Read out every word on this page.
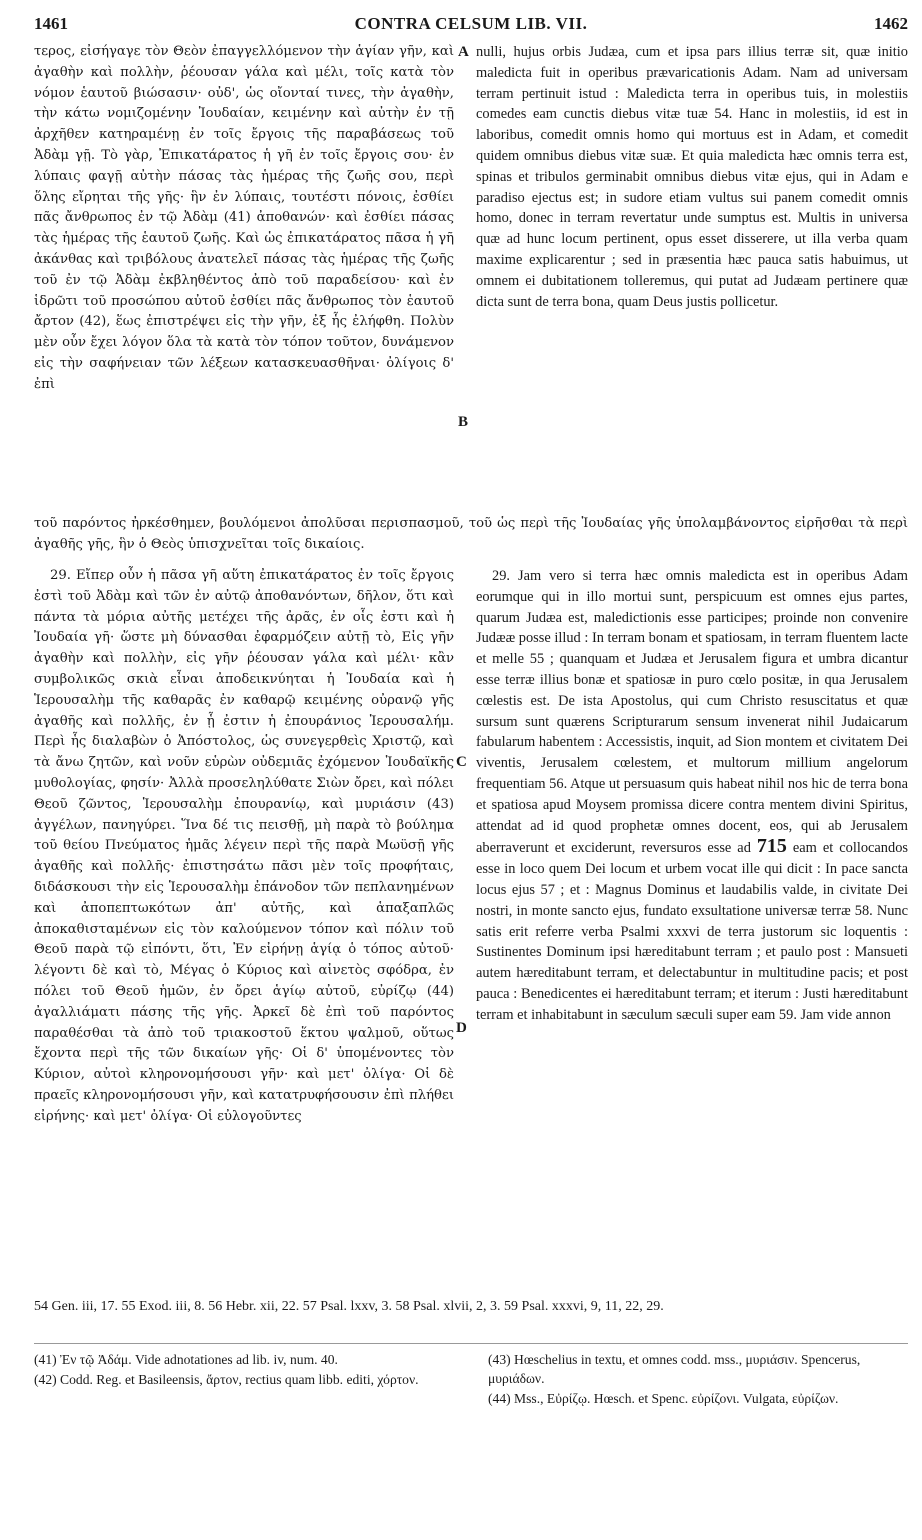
1461	CONTRA CELSUM LIB. VII.	1462

τερος, εἰσήγαγε τὸν Θεὸν ἐπαγγελλόμενον τὴν ἁγίαν γῆν, καὶ ἀγαθὴν καὶ πολλὴν, ῥέουσαν γάλα καὶ μέλι, τοῖς κατὰ τὸν νόμον ἑαυτοῦ βιώσασιν· οὐδ', ὡς οἴονταί τινες, τὴν ἀγαθὴν, τὴν κάτω νομιζομένην Ἰουδαίαν, κειμένην καὶ αὐτὴν ἐν τῇ ἀρχῆθεν κατηραμένῃ ἐν τοῖς ἔργοις τῆς παραβάσεως τοῦ Ἀδὰμ γῇ. Τὸ γὰρ, Ἐπικατάρατος ἡ γῆ ἐν τοῖς ἔργοις σου· ἐν λύπαις φαγῇ αὐτὴν πάσας τὰς ἡμέρας τῆς ζωῆς σου, περὶ ὅλης εἴρηται τῆς γῆς· ἣν ἐν λύπαις, τουτέστι πόνοις, ἐσθίει πᾶς ἄνθρωπος ἐν τῷ Ἀδὰμ (41) ἀποθανών· καὶ ἐσθίει πάσας τὰς ἡμέρας τῆς ἑαυτοῦ ζωῆς. Καὶ ὡς ἐπικατάρατος πᾶσα ἡ γῆ ἀκάνθας καὶ τριβόλους ἀνατελεῖ πάσας τὰς ἡμέρας τῆς ζωῆς τοῦ ἐν τῷ Ἀδὰμ ἐκβληθέντος ἀπὸ τοῦ παραδείσου· καὶ ἐν ἱδρῶτι τοῦ προσώπου αὐτοῦ ἐσθίει πᾶς ἄνθρωπος τὸν ἑαυτοῦ ἄρτον (42), ἕως ἐπιστρέψει εἰς τὴν γῆν, ἐξ ἧς ἐλήφθη. Πολὺν μὲν οὖν ἔχει λόγον ὅλα τὰ κατὰ τὸν τόπον τοῦτον, δυνάμενον εἰς τὴν σαφήνειαν τῶν λέξεων κατασκευασθῆναι· ὀλίγοις δ' ἐπὶ

A nulli, hujus orbis Judæa, cum et ipsa pars illius terræ sit, quæ initio maledicta fuit in operibus prævaricationis Adam. Nam ad universam terram pertinuit istud : Maledicta terra in operibus tuis, in molestiis comedes eam cunctis diebus vitæ tuæ 54. Hanc in molestiis, id est in laboribus, comedit omnis homo qui mortuus est in Adam, et comedit quidem omnibus diebus vitæ suæ. Et quia maledicta hæc omnis terra est, spinas et tribulos germinabit omnibus diebus vitæ ejus, qui in Adam e paradiso ejectus est; in sudore etiam vultus sui panem comedit omnis homo, donec in terram revertatur unde sumptus est. Multis in universa quæ ad hunc locum pertinent, opus esset disserere, ut illa verba quam maxime explicarentur ; sed in præsentia hæc pauca satis habuimus, ut omnem ei dubitationem tolleremus, qui putat ad Judæam pertinere quæ dicta sunt de terra bona, quam Deus justis pollicetur.

B

τοῦ παρόντος ἠρκέσθημεν, βουλόμενοι ἀπολῦσαι περισπασμοῦ, τοῦ ὡς περὶ τῆς Ἰουδαίας γῆς ὑπολαμβάνοντος εἰρῆσθαι τὰ περὶ ἀγαθῆς γῆς, ἣν ὁ Θεὸς ὑπισχνεῖται τοῖς δικαίοις.

29. Εἴπερ οὖν ἡ πᾶσα γῆ αὕτη ἐπικατάρατος ἐν τοῖς ἔργοις ἐστὶ τοῦ Ἀδὰμ καὶ τῶν ἐν αὐτῷ ἀποθανόντων, δῆλον, ὅτι καὶ πάντα τὰ μόρια αὐτῆς μετέχει τῆς ἀρᾶς, ἐν οἷς ἐστι καὶ ἡ Ἰουδαία γῆ· ὥστε μὴ δύνασθαι ἐφαρμόζειν αὐτῇ τὸ, Εἰς γῆν ἀγαθὴν καὶ πολλὴν, εἰς γῆν ῥέουσαν γάλα καὶ μέλι· κἂν συμβολικῶς σκιὰ εἶναι ἀποδεικνύηται ἡ Ἰουδαία καὶ ἡ Ἱερουσαλὴμ τῆς καθαρᾶς ἐν καθαρῷ κειμένης οὐρανῷ γῆς ἀγαθῆς καὶ πολλῆς, ἐν ᾗ ἐστιν ἡ ἐπουράνιος Ἱερουσαλήμ. Περὶ ἧς διαλαβὼν ὁ Ἀπόστολος, ὡς συνεγερθεὶς Χριστῷ, καὶ τὰ ἄνω ζητῶν, καὶ νοῦν εὑρὼν οὐδεμιᾶς ἐχόμενον Ἰουδαϊκῆς μυθολογίας, φησίν· Ἀλλὰ προσεληλύθατε Σιὼν ὄρει, καὶ πόλει Θεοῦ ζῶντος, Ἱερουσαλὴμ ἐπουρανίῳ, καὶ μυριάσιν (43) ἀγγέλων, πανηγύρει. Ἵνα δέ τις πεισθῇ, μὴ παρὰ τὸ βούλημα τοῦ θείου Πνεύματος ἡμᾶς λέγειν περὶ τῆς παρὰ Μωϋσῇ γῆς ἀγαθῆς καὶ πολλῆς· ἐπιστησάτω πᾶσι μὲν τοῖς προφήταις, διδάσκουσι τὴν εἰς Ἱερουσαλὴμ ἐπάνοδον τῶν πεπλανημένων καὶ ἀποπεπτωκότων ἀπ' αὐτῆς, καὶ ἁπαξαπλῶς ἀποκαθισταμένων εἰς τὸν καλούμενον τόπον καὶ πόλιν τοῦ Θεοῦ παρὰ τῷ εἰπόντι, ὅτι, Ἐν εἰρήνῃ ἁγίᾳ ὁ τόπος αὐτοῦ· λέγοντι δὲ καὶ τὸ, Μέγας ὁ Κύριος καὶ αἰνετὸς σφόδρα, ἐν πόλει τοῦ Θεοῦ ἡμῶν, ἐν ὄρει ἁγίῳ αὐτοῦ, εὐρίζῳ (44) ἀγαλλιάματι πάσης τῆς γῆς. Ἀρκεῖ δὲ ἐπὶ τοῦ παρόντος παραθέσθαι τὰ ἀπὸ τοῦ τριακοστοῦ ἕκτου ψαλμοῦ, οὕτως ἔχοντα περὶ τῆς τῶν δικαίων γῆς· Οἱ δ' ὑπομένοντες τὸν Κύριον, αὐτοὶ κληρονομήσουσι γῆν· καὶ μετ' ὀλίγα· Οἱ δὲ πραεῖς κληρονομήσουσι γῆν, καὶ κατατρυφήσουσιν ἐπὶ πλήθει εἰρήνης· καὶ μετ' ὀλίγα· Οἱ εὐλογοῦντες

C
D

29. Jam vero si terra hæc omnis maledicta est in operibus Adam eorumque qui in illo mortui sunt, perspicuum est omnes ejus partes, quarum Judæa est, maledictionis esse participes; proinde non convenire Judææ posse illud : In terram bonam et spatiosam, in terram fluentem lacte et melle 55 ; quanquam et Judæa et Jerusalem figura et umbra dicantur esse terræ illius bonæ et spatiosæ in puro cœlo positæ, in qua Jerusalem cœlestis est. De ista Apostolus, qui cum Christo resuscitatus et quæ sursum sunt quærens Scripturarum sensum invenerat nihil Judaicarum fabularum habentem : Accessistis, inquit, ad Sion montem et civitatem Dei viventis, Jerusalem cœlestem, et multorum millium angelorum frequentiam 56. Atque ut persuasum quis habeat nihil nos hic de terra bona et spatiosa apud Moysem promissa dicere contra mentem divini Spiritus, attendat ad id quod prophetæ omnes docent, eos, qui ab Jerusalem aberraverunt et exciderunt, reversuros esse ad 715 eam et collocandos esse in loco quem Dei locum et urbem vocat ille qui dicit : In pace sancta locus ejus 57 ; et : Magnus Dominus et laudabilis valde, in civitate Dei nostri, in monte sancto ejus, fundato exsultatione universæ terræ 58. Nunc satis erit referre verba Psalmi xxxvi de terra justorum sic loquentis : Sustinentes Dominum ipsi hæreditabunt terram ; et paulo post : Mansueti autem hæreditabunt terram, et delectabuntur in multitudine pacis; et post pauca : Benedicentes ei hæreditabunt terram; et iterum : Justi hæreditabunt terram et inhabitabunt in sæculum sæculi super eam 59. Jam vide annon

54 Gen. iii, 17. 55 Exod. iii, 8. 56 Hebr. xii, 22. 57 Psal. lxxv, 3. 58 Psal. xlvii, 2, 3. 59 Psal. xxxvi, 9, 11, 22, 29.

(41) Ἐν τῷ Ἀδάμ. Vide adnotationes ad lib. iv, num. 40.

(42) Codd. Reg. et Basileensis, ἄρτον, rectius quam libb. editi, χόρτον.

(43) Hœschelius in textu, et omnes codd. mss., μυριάσιν. Spencerus, μυριάδων.

(44) Mss., Εὐρίζῳ. Hœsch. et Spenc. εὐρίζονι. Vulgata, εὐρίζων.
